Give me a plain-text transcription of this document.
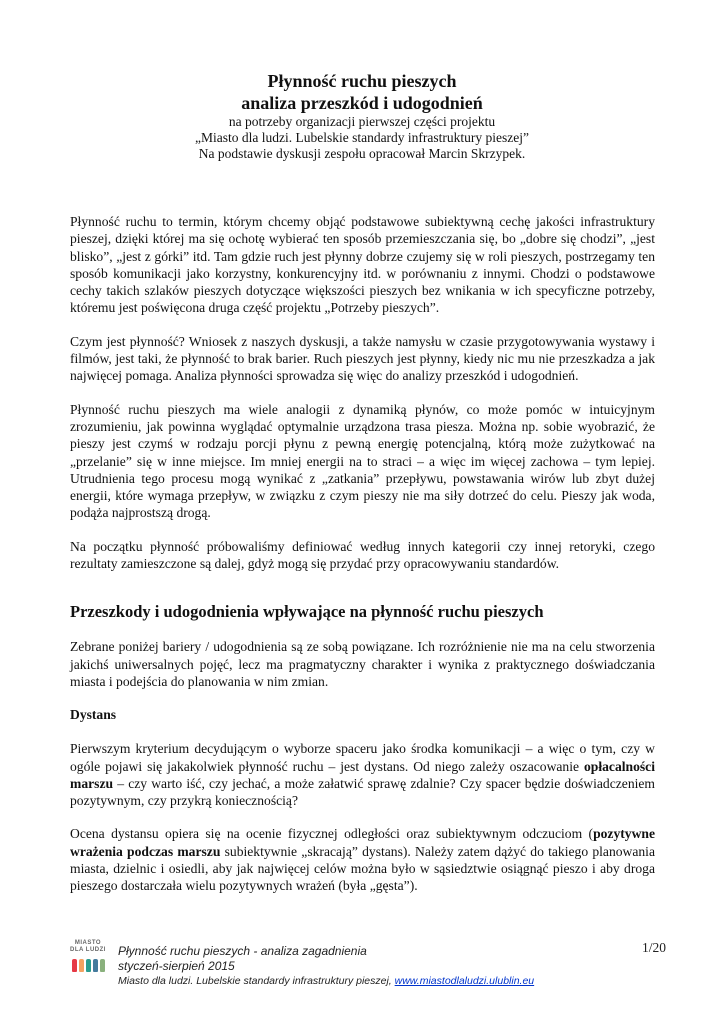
Płynność ruchu pieszych

analiza przeszkód i udogodnień

na potrzeby organizacji pierwszej części projektu

„Miasto dla ludzi. Lubelskie standardy infrastruktury pieszej”

Na podstawie dyskusji zespołu opracował Marcin Skrzypek.

Płynność ruchu to termin, którym chcemy objąć podstawowe subiektywną cechę jakości infrastruktury pieszej, dzięki której ma się ochotę wybierać ten sposób przemieszczania się, bo „dobre się chodzi”, „jest blisko”, „jest z górki” itd. Tam gdzie ruch jest płynny dobrze czujemy się w roli pieszych, postrzegamy ten sposób komunikacji jako korzystny, konkurencyjny itd. w porównaniu z innymi. Chodzi o podstawowe cechy takich szlaków pieszych dotyczące większości pieszych bez wnikania w ich specyficzne potrzeby, któremu jest poświęcona druga część projektu „Potrzeby pieszych”.

Czym jest płynność? Wniosek z naszych dyskusji, a także namysłu w czasie przygotowywania wystawy i filmów, jest taki, że płynność to brak barier. Ruch pieszych jest płynny, kiedy nic mu nie przeszkadza a jak najwięcej pomaga. Analiza płynności sprowadza się więc do analizy przeszkód i udogodnień.

Płynność ruchu pieszych ma wiele analogii z dynamiką płynów, co może pomóc w intuicyjnym zrozumieniu, jak powinna wyglądać optymalnie urządzona trasa piesza. Można np. sobie wyobrazić, że pieszy jest czymś w rodzaju porcji płynu z pewną energię potencjalną, którą może zużytkować na „przelanie” się w inne miejsce. Im mniej energii na to straci – a więc im więcej zachowa – tym lepiej. Utrudnienia tego procesu mogą wynikać z „zatkania” przepływu, powstawania wirów lub zbyt dużej energii, które wymaga przepływ, w związku z czym pieszy nie ma siły dotrzeć do celu. Pieszy jak woda, podąża najprostszą drogą.

Na początku płynność próbowaliśmy definiować według innych kategorii czy innej retoryki, czego rezultaty zamieszczone są dalej, gdyż mogą się przydać przy opracowywaniu standardów.

Przeszkody i udogodnienia wpływające na płynność ruchu pieszych

Zebrane poniżej bariery / udogodnienia są ze sobą powiązane. Ich rozróżnienie nie ma na celu stworzenia jakichś uniwersalnych pojęć, lecz ma pragmatyczny charakter i wynika z praktycznego doświadczania miasta i podejścia do planowania w nim zmian.

Dystans

Pierwszym kryterium decydującym o wyborze spaceru jako środka komunikacji – a więc o tym, czy w ogóle pojawi się jakakolwiek płynność ruchu – jest dystans. Od niego zależy oszacowanie opłacalności marszu – czy warto iść, czy jechać, a może załatwić sprawę zdalnie? Czy spacer będzie doświadczeniem pozytywnym, czy przykrą koniecznością?

Ocena dystansu opiera się na ocenie fizycznej odległości oraz subiektywnym odczuciom (pozytywne wrażenia podczas marszu subiektywnie „skracają” dystans). Należy zatem dążyć do takiego planowania miasta, dzielnic i osiedli, aby jak najwięcej celów można było w sąsiedztwie osiągnąć pieszo i aby droga pieszego dostarczała wielu pozytywnych wrażeń (była „gęsta”).

MIASTO
DLA LUDZI Płynność ruchu pieszych - analiza zagadnienia
styczeń-sierpień 2015
Miasto dla ludzi. Lubelskie standardy infrastruktury pieszej, www.miastodlaludzi.ulublin.eu
1/20
